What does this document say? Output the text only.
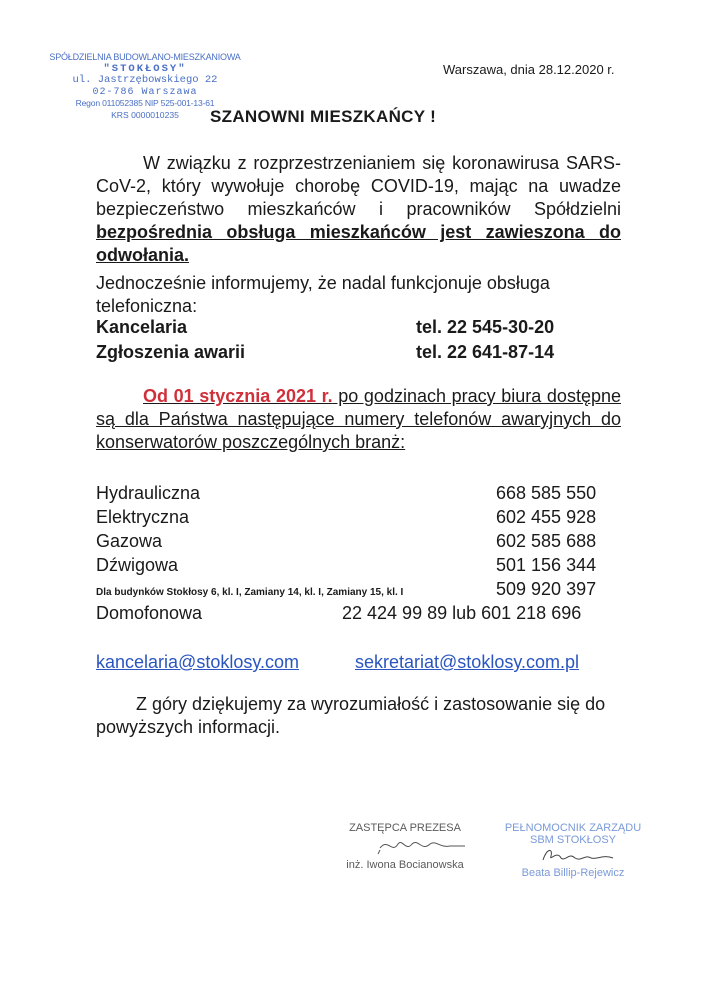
SPÓŁDZIELNIA BUDOWLANO-MIESZKANIOWA
"STOKŁOSY"
ul. Jastrzębowskiego 22
02-786 Warszawa
Regon 011052385 NIP 525-001-13-61
KRS 0000010235
Warszawa, dnia 28.12.2020 r.
SZANOWNI MIESZKAŃCY !
W związku z rozprzestrzenianiem się koronawirusa SARS-CoV-2, który wywołuje chorobę COVID-19, mając na uwadze bezpieczeństwo mieszkańców i pracowników Spółdzielni bezpośrednia obsługa mieszkańców jest zawieszona do odwołania.
Jednocześnie informujemy, że nadal funkcjonuje obsługa telefoniczna:
Kancelaria	tel. 22 545-30-20
Zgłoszenia awarii	tel. 22 641-87-14
Od 01 stycznia 2021 r. po godzinach pracy biura dostępne są dla Państwa następujące numery telefonów awaryjnych do konserwatorów poszczególnych branż:
Hydrauliczna	668 585 550
Elektryczna	602 455 928
Gazowa	602 585 688
Dźwigowa	501 156 344
Dla budynków Stokłosy 6, kl. I, Zamiany 14, kl. I, Zamiany 15, kl. I	509 920 397
Domofonowa	22 424 99 89 lub 601 218 696
kancelaria@stoklosy.com	sekretariat@stoklosy.com.pl
Z góry dziękujemy za wyrozumiałość i zastosowanie się do powyższych informacji.
ZASTĘPCA PREZESA
inż. Iwona Bocianowska
PEŁNOMOCNIK ZARZĄDU
SBM STOKŁOSY
Beata Billip-Rejewicz
